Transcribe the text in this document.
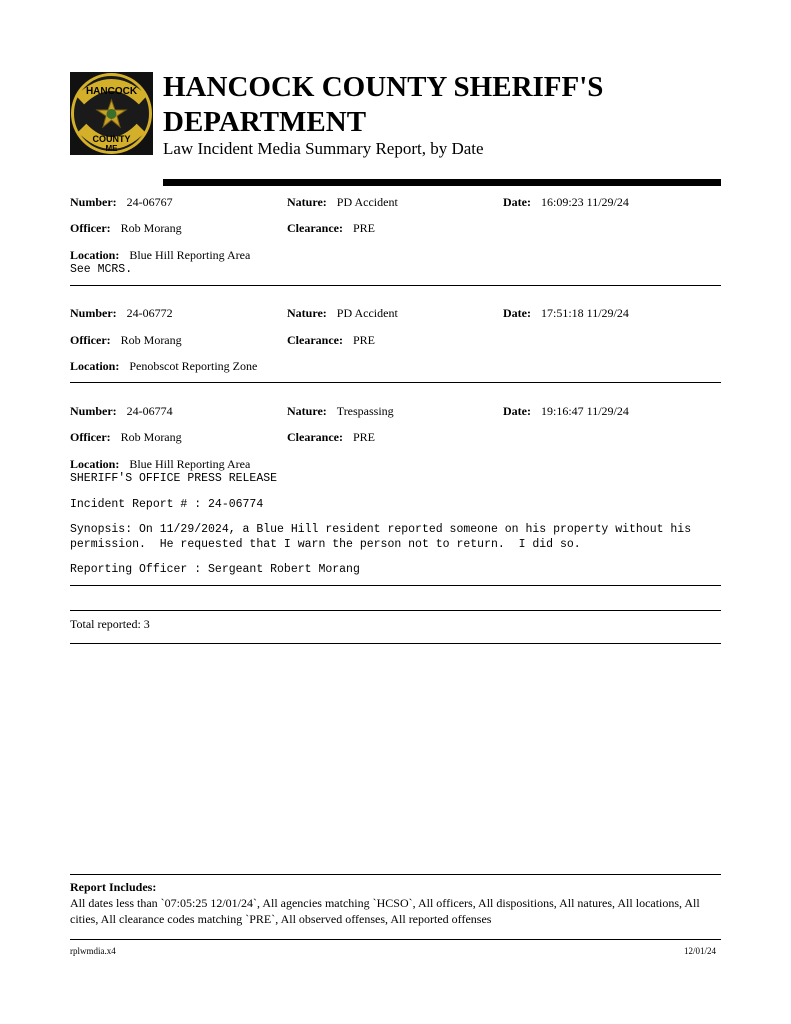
HANCOCK
COUNTY
ME
HANCOCK COUNTY SHERIFF'S
DEPARTMENT
Law Incident Media Summary Report, by Date
Number: 24-06767	Nature: PD Accident	Date: 16:09:23 11/29/24
Officer: Rob Morang	Clearance: PRE
Location: Blue Hill Reporting Area
See MCRS.
Number: 24-06772	Nature: PD Accident	Date: 17:51:18 11/29/24
Officer: Rob Morang	Clearance: PRE
Location: Penobscot Reporting Zone
Number: 24-06774	Nature: Trespassing	Date: 19:16:47 11/29/24
Officer: Rob Morang	Clearance: PRE
Location: Blue Hill Reporting Area
SHERIFF'S OFFICE PRESS RELEASE
Incident Report # : 24-06774
Synopsis: On 11/29/2024, a Blue Hill resident reported someone on his property without his
permission.  He requested that I warn the person not to return.  I did so.
Reporting Officer : Sergeant Robert Morang
Total reported: 3
Report Includes:
All dates less than `07:05:25 12/01/24`, All agencies matching `HCSO`, All officers, All dispositions, All natures, All locations, All cities, All clearance codes matching `PRE`, All observed offenses, All reported offenses
rplwmdia.x4	12/01/24
